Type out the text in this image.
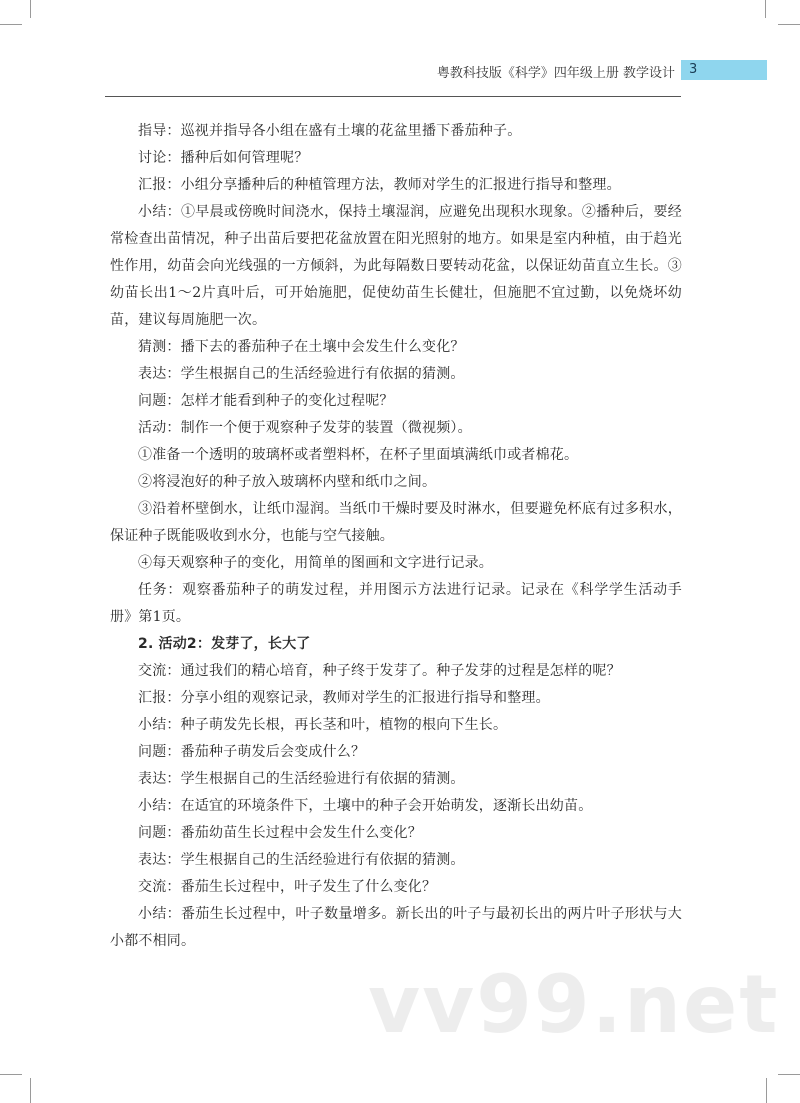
粤教科技版《科学》四年级上册 教学设计	3

指导：巡视并指导各小组在盛有土壤的花盆里播下番茄种子。

讨论：播种后如何管理呢？

汇报：小组分享播种后的种植管理方法，教师对学生的汇报进行指导和整理。

小结：①早晨或傍晚时间浇水，保持土壤湿润，应避免出现积水现象。②播种后，要经常检查出苗情况，种子出苗后要把花盆放置在阳光照射的地方。如果是室内种植，由于趋光性作用，幼苗会向光线强的一方倾斜，为此每隔数日要转动花盆，以保证幼苗直立生长。③幼苗长出1～2片真叶后，可开始施肥，促使幼苗生长健壮，但施肥不宜过勤，以免烧坏幼苗，建议每周施肥一次。

猜测：播下去的番茄种子在土壤中会发生什么变化？

表达：学生根据自己的生活经验进行有依据的猜测。

问题：怎样才能看到种子的变化过程呢？

活动：制作一个便于观察种子发芽的装置（微视频）。

①准备一个透明的玻璃杯或者塑料杯，在杯子里面填满纸巾或者棉花。

②将浸泡好的种子放入玻璃杯内壁和纸巾之间。

③沿着杯壁倒水，让纸巾湿润。当纸巾干燥时要及时淋水，但要避免杯底有过多积水，保证种子既能吸收到水分，也能与空气接触。

④每天观察种子的变化，用简单的图画和文字进行记录。

任务：观察番茄种子的萌发过程，并用图示方法进行记录。记录在《科学学生活动手册》第1页。

2. 活动2：发芽了，长大了

交流：通过我们的精心培育，种子终于发芽了。种子发芽的过程是怎样的呢？

汇报：分享小组的观察记录，教师对学生的汇报进行指导和整理。

小结：种子萌发先长根，再长茎和叶，植物的根向下生长。

问题：番茄种子萌发后会变成什么？

表达：学生根据自己的生活经验进行有依据的猜测。

小结：在适宜的环境条件下，土壤中的种子会开始萌发，逐渐长出幼苗。

问题：番茄幼苗生长过程中会发生什么变化？

表达：学生根据自己的生活经验进行有依据的猜测。

交流：番茄生长过程中，叶子发生了什么变化？

小结：番茄生长过程中，叶子数量增多。新长出的叶子与最初长出的两片叶子形状与大小都不相同。

vv99.net
